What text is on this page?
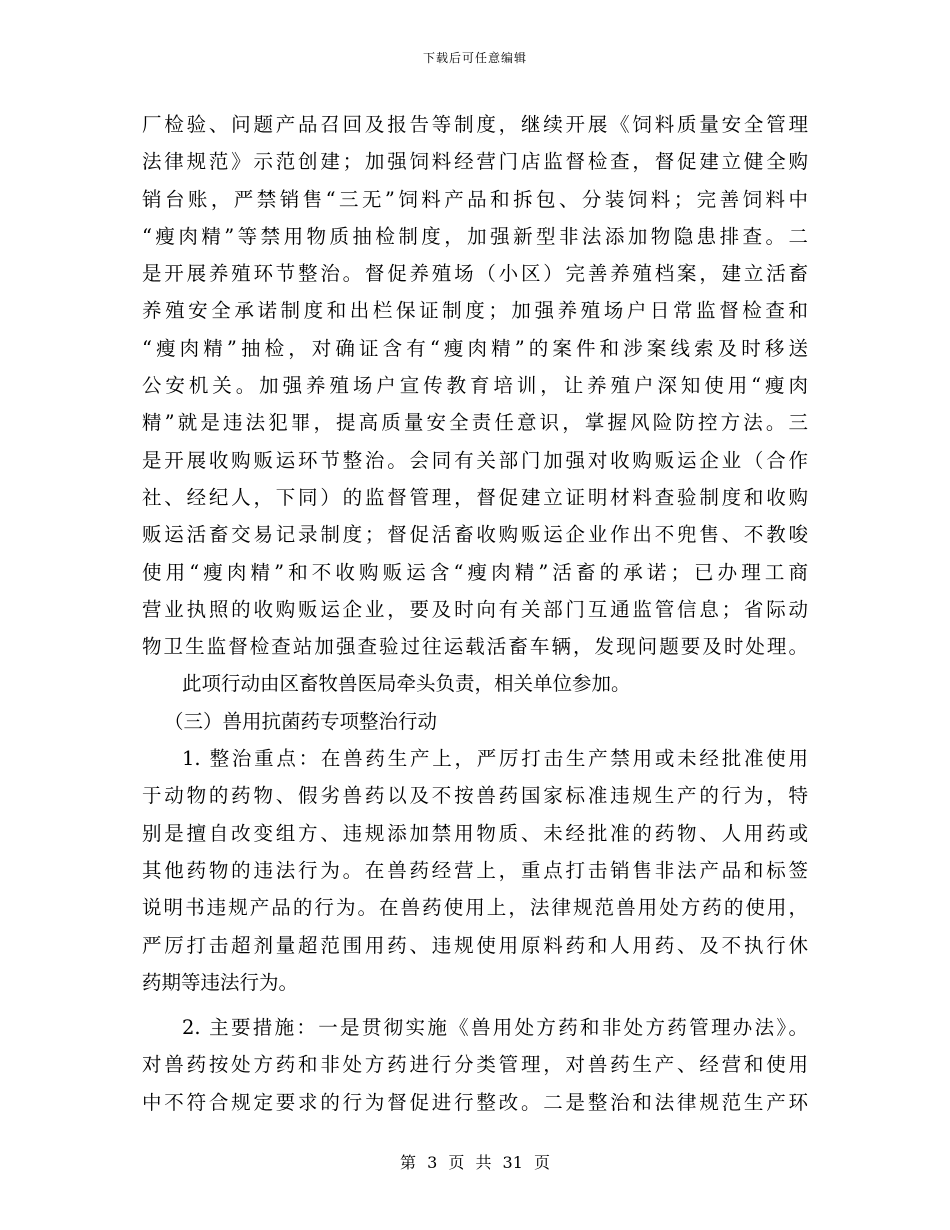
下载后可任意编辑
厂检验、问题产品召回及报告等制度，继续开展《饲料质量安全管理
法律规范》示范创建；加强饲料经营门店监督检查，督促建立健全购
销台账，严禁销售“三无”饲料产品和拆包、分装饲料；完善饲料中
“瘦肉精”等禁用物质抽检制度，加强新型非法添加物隐患排查。二
是开展养殖环节整治。督促养殖场（小区）完善养殖档案，建立活畜
养殖安全承诺制度和出栏保证制度；加强养殖场户日常监督检查和
“瘦肉精”抽检，对确证含有“瘦肉精”的案件和涉案线索及时移送
公安机关。加强养殖场户宣传教育培训，让养殖户深知使用“瘦肉
精”就是违法犯罪，提高质量安全责任意识，掌握风险防控方法。三
是开展收购贩运环节整治。会同有关部门加强对收购贩运企业（合作
社、经纪人，下同）的监督管理，督促建立证明材料查验制度和收购
贩运活畜交易记录制度；督促活畜收购贩运企业作出不兜售、不教唆
使用“瘦肉精”和不收购贩运含“瘦肉精”活畜的承诺；已办理工商
营业执照的收购贩运企业，要及时向有关部门互通监管信息；省际动
物卫生监督检查站加强查验过往运载活畜车辆，发现问题要及时处理。
此项行动由区畜牧兽医局牵头负责，相关单位参加。
（三）兽用抗菌药专项整治行动
1. 整治重点：在兽药生产上，严厉打击生产禁用或未经批准使用
于动物的药物、假劣兽药以及不按兽药国家标准违规生产的行为，特
别是擅自改变组方、违规添加禁用物质、未经批准的药物、人用药或
其他药物的违法行为。在兽药经营上，重点打击销售非法产品和标签
说明书违规产品的行为。在兽药使用上，法律规范兽用处方药的使用，
严厉打击超剂量超范围用药、违规使用原料药和人用药、及不执行休
药期等违法行为。
2. 主要措施：一是贯彻实施《兽用处方药和非处方药管理办法》。
对兽药按处方药和非处方药进行分类管理，对兽药生产、经营和使用
中不符合规定要求的行为督促进行整改。二是整治和法律规范生产环
第 3 页 共 31 页
